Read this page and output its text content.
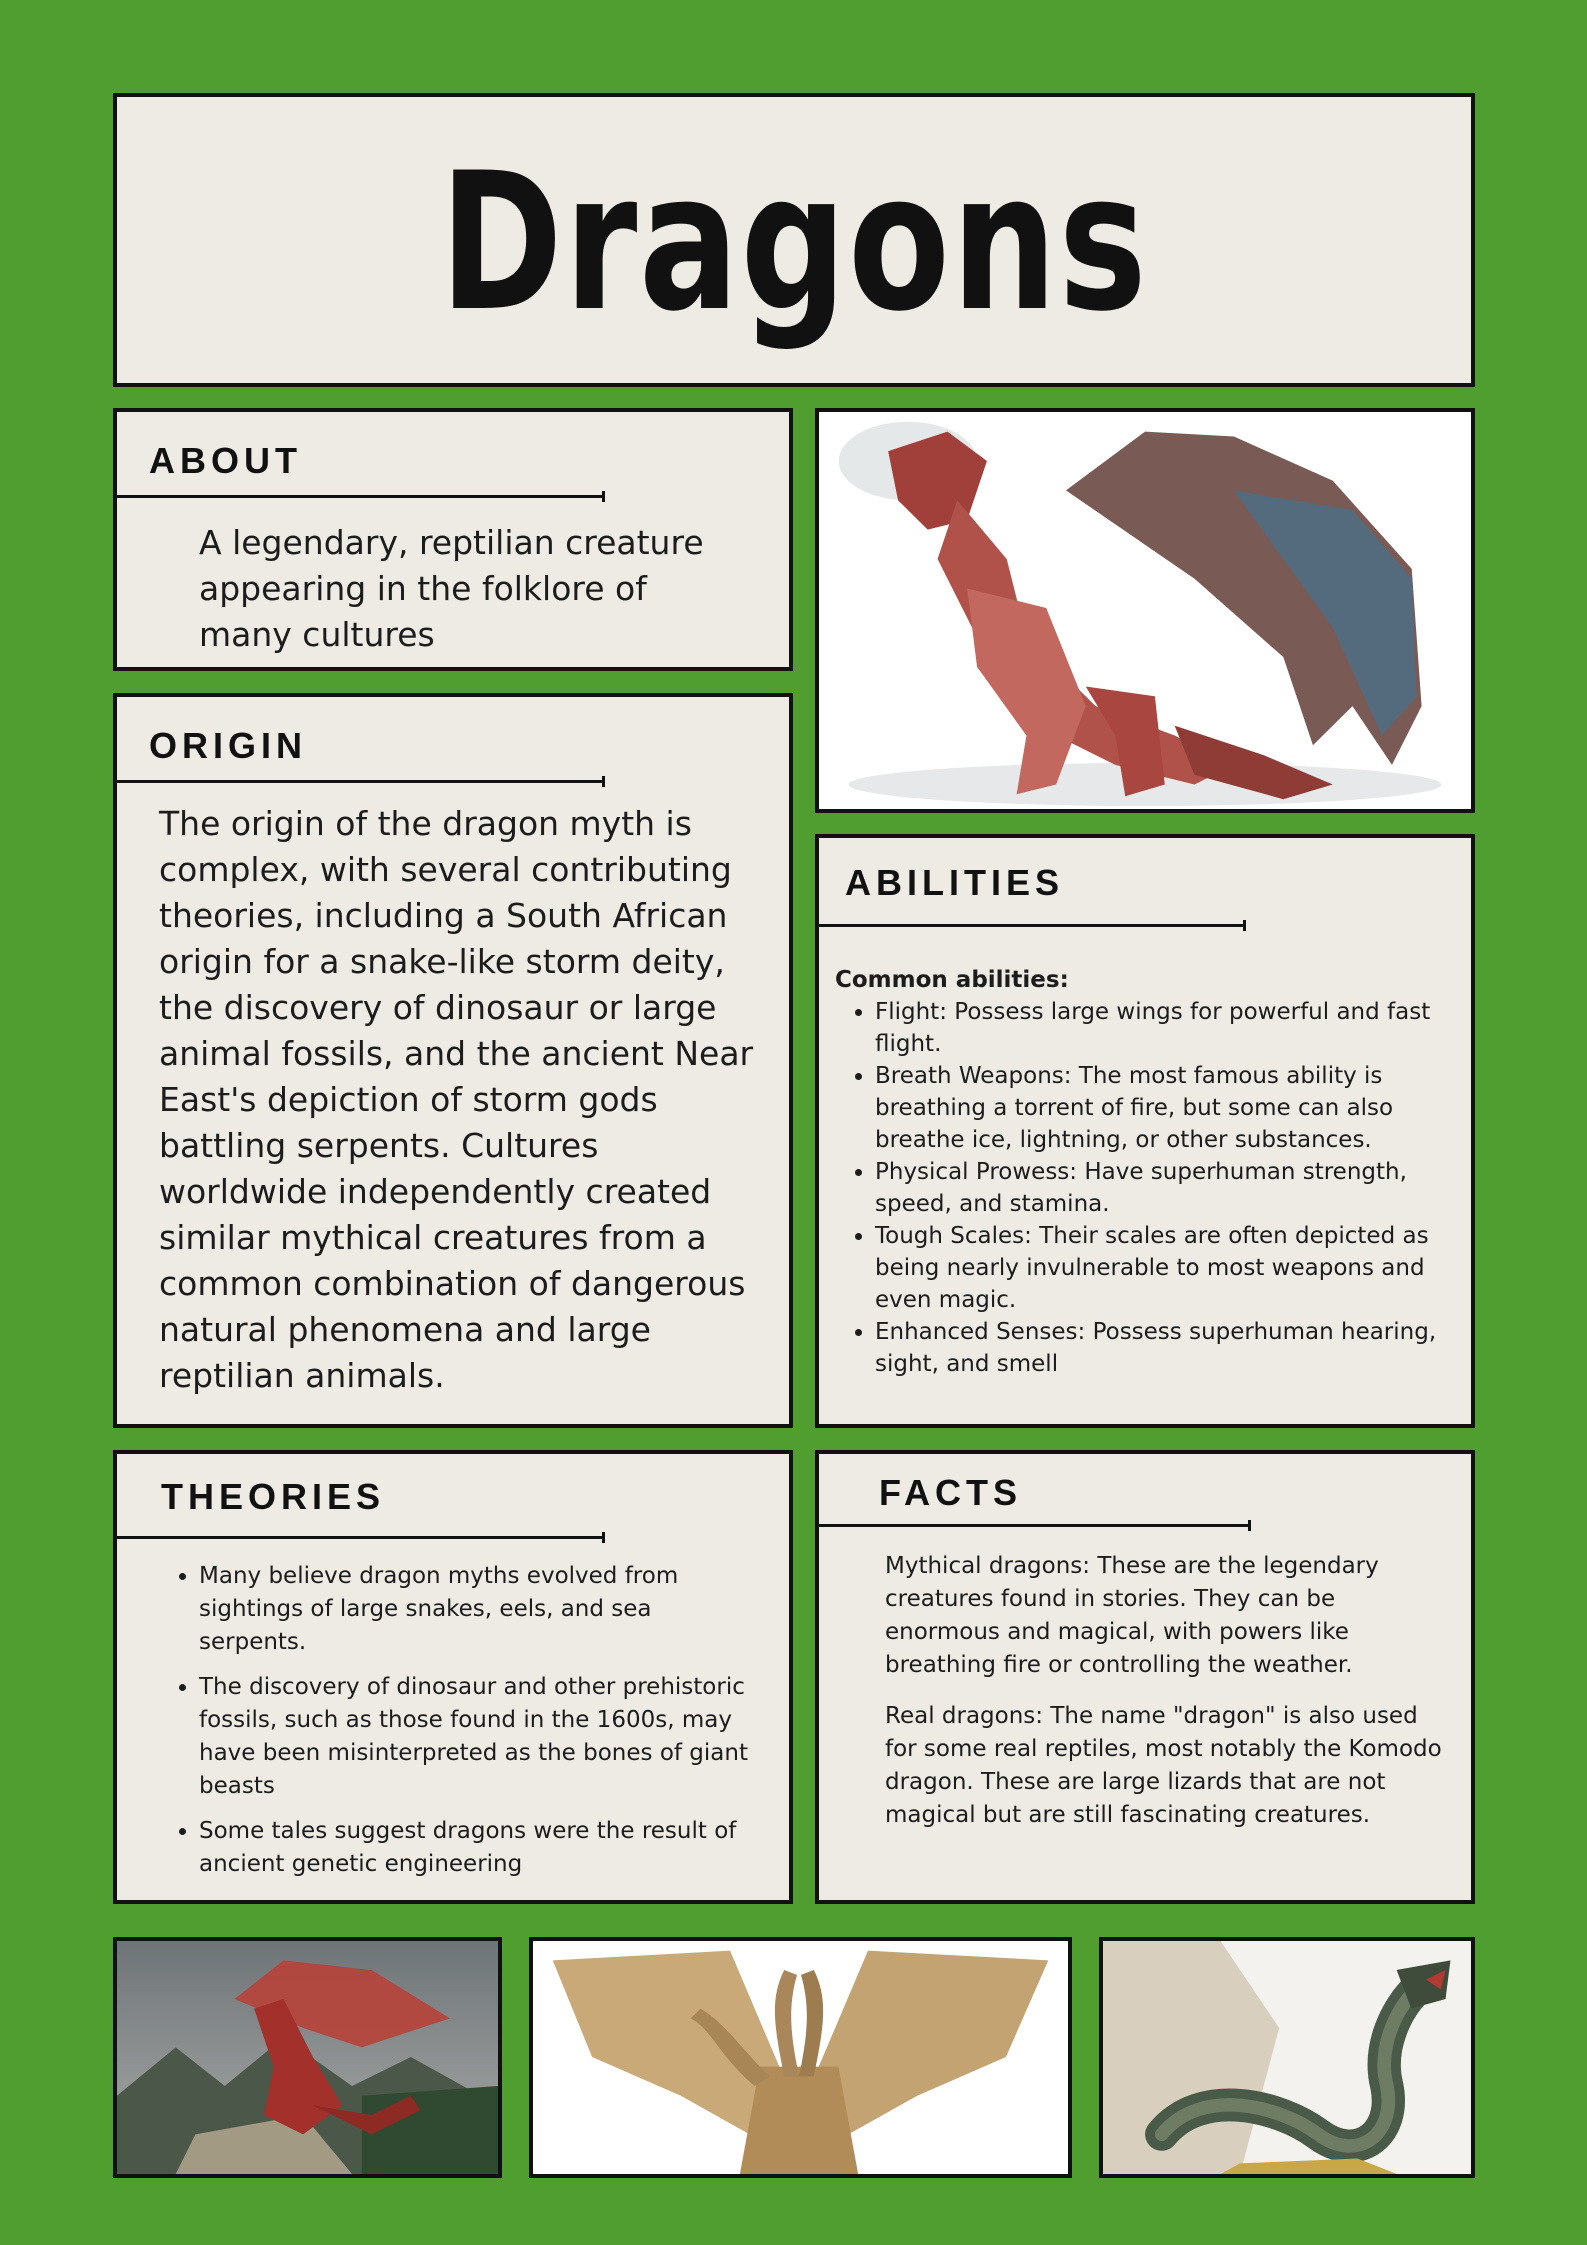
Dragons
ABOUT

A legendary, reptilian creature appearing in the folklore of many cultures

ORIGIN

The origin of the dragon myth is complex, with several contributing theories, including a South African origin for a snake-like storm deity, the discovery of dinosaur or large animal fossils, and the ancient Near East's depiction of storm gods battling serpents. Cultures worldwide independently created similar mythical creatures from a common combination of dangerous natural phenomena and large reptilian animals.

ABILITIES
Common abilities:
• Flight: Possess large wings for powerful and fast flight.
• Breath Weapons: The most famous ability is breathing a torrent of fire, but some can also breathe ice, lightning, or other substances.
• Physical Prowess: Have superhuman strength, speed, and stamina.
• Tough Scales: Their scales are often depicted as being nearly invulnerable to most weapons and even magic.
• Enhanced Senses: Possess superhuman hearing, sight, and smell
THEORIES
• Many believe dragon myths evolved from sightings of large snakes, eels, and sea serpents.
• The discovery of dinosaur and other prehistoric fossils, such as those found in the 1600s, may have been misinterpreted as the bones of giant beasts
• Some tales suggest dragons were the result of ancient genetic engineering
FACTS

Mythical dragons: These are the legendary creatures found in stories. They can be enormous and magical, with powers like breathing fire or controlling the weather.

Real dragons: The name "dragon" is also used for some real reptiles, most notably the Komodo dragon. These are large lizards that are not magical but are still fascinating creatures.
